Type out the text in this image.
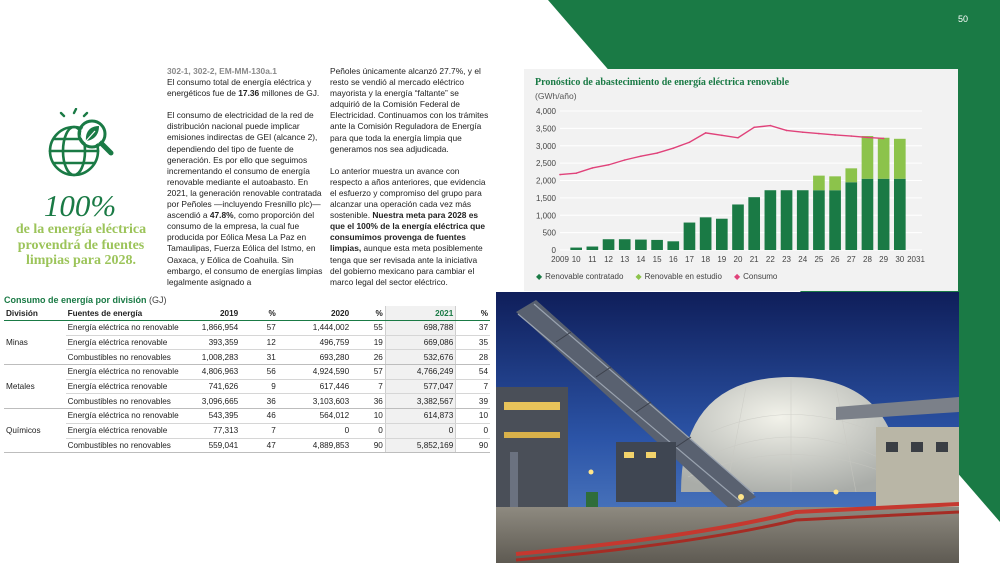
50
100%
de la energía eléctrica provendrá de fuentes limpias para 2028.

302-1, 302-2, EM-MM-130a.1
El consumo total de energía eléctrica y energéticos fue de 17.36 millones de GJ.

El consumo de electricidad de la red de distribución nacional puede implicar emisiones indirectas de GEI (alcance 2), dependiendo del tipo de fuente de generación. Es por ello que seguimos incrementando el consumo de energía renovable mediante el autoabasto. En 2021, la generación renovable contratada por Peñoles —incluyendo Fresnillo plc)— ascendió a 47.8%, como proporción del consumo de la empresa, la cual fue producida por Eólica Mesa La Paz en Tamaulipas, Fuerza Eólica del Istmo, en Oaxaca, y Eólica de Coahuila. Sin embargo, el consumo de energías limpias legalmente asignado a

Peñoles únicamente alcanzó 27.7%, y el resto se vendió al mercado eléctrico mayorista y la energía “faltante” se adquirió de la Comisión Federal de Electricidad. Continuamos con los trámites ante la Comisión Reguladora de Energía para que toda la energía limpia que generamos nos sea adjudicada.

Lo anterior muestra un avance con respecto a años anteriores, que evidencia el esfuerzo y compromiso del grupo para alcanzar una operación cada vez más sostenible. Nuestra meta para 2028 es que el 100% de la energía eléctrica que consumimos provenga de fuentes limpias, aunque esta meta posiblemente tenga que ser revisada ante la iniciativa del gobierno mexicano para cambiar el marco legal del sector eléctrico.

0
500
1,000
1,500
2,000
2,500
3,000
3,500
4,000
2009 10 11 12 13 14 15 16 17 18 19 20 21 22 23 24 25 26 27 28 29 30 2031
Pronóstico de abastecimiento de energía eléctrica renovable
(GWh/año)
◆ Renovable contratado ◆ Renovable en estudio ◆ Consumo
Consumo de energía por división (GJ)
División	Fuentes de energía	2019	%	2020	%	2021	%
	Energía eléctrica no renovable	1,866,954	57	1,444,002	55	698,788	37
Minas	Energía eléctrica renovable	393,359	12	496,759	19	669,086	35
	Combustibles no renovables	1,008,283	31	693,280	26	532,676	28
	Energía eléctrica no renovable	4,806,963	56	4,924,590	57	4,766,249	54
Metales	Energía eléctrica renovable	741,626	9	617,446	7	577,047	7
	Combustibles no renovables	3,096,665	36	3,103,603	36	3,382,567	39
	Energía eléctrica no renovable	543,395	46	564,012	10	614,873	10
Químicos	Energía eléctrica renovable	77,313	7	0	0	0	0
	Combustibles no renovables	559,041	47	4,889,853	90	5,852,169	90
